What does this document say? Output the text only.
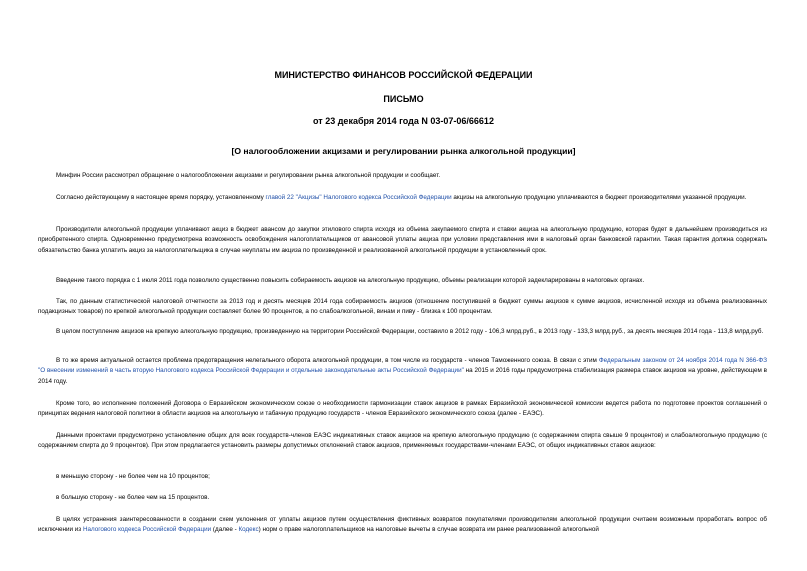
МИНИСТЕРСТВО ФИНАНСОВ РОССИЙСКОЙ ФЕДЕРАЦИИ
ПИСЬМО
от 23 декабря 2014 года N 03-07-06/66612
[О налогообложении акцизами и регулировании рынка алкогольной продукции]
Минфин России рассмотрел обращение о налогообложении акцизами и регулировании рынка алкогольной продукции и сообщает.
Согласно действующему в настоящее время порядку, установленному главой 22 "Акцизы" Налогового кодекса Российской Федерации акцизы на алкогольную продукцию уплачиваются в бюджет производителями указанной продукции.
Производители алкогольной продукции уплачивают акциз в бюджет авансом до закупки этилового спирта исходя из объема закупаемого спирта и ставки акциза на алкогольную продукцию, которая будет в дальнейшем производиться из приобретенного спирта. Одновременно предусмотрена возможность освобождения налогоплательщиков от авансовой уплаты акциза при условии представления ими в налоговый орган банковской гарантии. Такая гарантия должна содержать обязательство банка уплатить акциз за налогоплательщика в случае неуплаты им акциза по произведенной и реализованной алкогольной продукции в установленный срок.
Введение такого порядка с 1 июля 2011 года позволило существенно повысить собираемость акцизов на алкогольную продукцию, объемы реализации которой задекларированы в налоговых органах.
Так, по данным статистической налоговой отчетности за 2013 год и десять месяцев 2014 года собираемость акцизов (отношение поступившей в бюджет суммы акцизов к сумме акцизов, исчисленной исходя из объема реализованных подакцизных товаров) по крепкой алкогольной продукции составляет более 90 процентов, а по слабоалкогольной, винам и пиву - близка к 100 процентам.
В целом поступление акцизов на крепкую алкогольную продукцию, произведенную на территории Российской Федерации, составило в 2012 году - 106,3 млрд.руб., в 2013 году - 133,3 млрд.руб., за десять месяцев 2014 года - 113,8 млрд.руб.
В то же время актуальной остается проблема предотвращения нелегального оборота алкогольной продукции, в том числе из государств - членов Таможенного союза. В связи с этим Федеральным законом от 24 ноября 2014 года N 366-ФЗ "О внесении изменений в часть вторую Налогового кодекса Российской Федерации и отдельные законодательные акты Российской Федерации" на 2015 и 2016 годы предусмотрена стабилизация размера ставок акцизов на уровне, действующем в 2014 году.
Кроме того, во исполнение положений Договора о Евразийском экономическом союзе о необходимости гармонизации ставок акцизов в рамках Евразийской экономической комиссии ведется работа по подготовке проектов соглашений о принципах ведения налоговой политики в области акцизов на алкогольную и табачную продукцию государств - членов Евразийского экономического союза (далее - ЕАЭС).
Данными проектами предусмотрено установление общих для всех государств-членов ЕАЭС индикативных ставок акцизов на крепкую алкогольную продукцию (с содержанием спирта свыше 9 процентов) и слабоалкогольную продукцию (с содержанием спирта до 9 процентов). При этом предлагается установить размеры допустимых отклонений ставок акцизов, применяемых государствами-членами ЕАЭС, от общих индикативных ставок акцизов:
в меньшую сторону - не более чем на 10 процентов;
в большую сторону - не более чем на 15 процентов.
В целях устранения заинтересованности в создании схем уклонения от уплаты акцизов путем осуществления фиктивных возвратов покупателями производителям алкогольной продукции считаем возможным проработать вопрос об исключении из Налогового кодекса Российской Федерации (далее - Кодекс) норм о праве налогоплательщиков на налоговые вычеты в случае возврата им ранее реализованной алкогольной
